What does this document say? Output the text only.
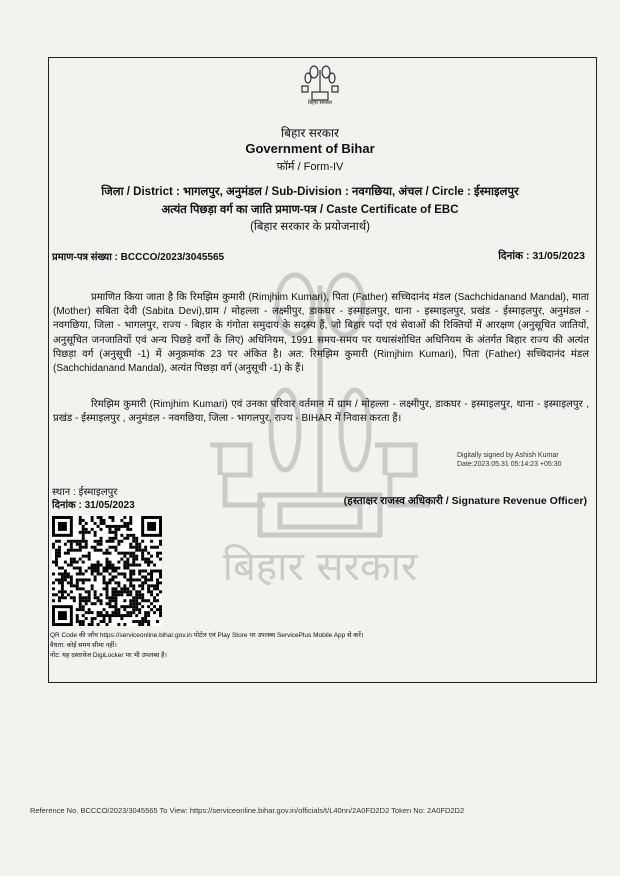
बिहार सरकार
बिहार सरकार
Government of Bihar
फॉर्म / Form-IV
जिला / District : भागलपुर, अनुमंडल / Sub-Division : नवगछिया, अंचल / Circle : ईस्माइलपुर
अत्यंत पिछड़ा वर्ग का जाति प्रमाण-पत्र / Caste Certificate of EBC
(बिहार सरकार के प्रयोजनार्थ)
प्रमाण-पत्र संख्या : BCCCO/2023/3045565	दिनांक : 31/05/2023
बिहार सरकार

प्रमाणित किया जाता है कि रिमझिम कुमारी (Rimjhim Kumari), पिता (Father) सच्चिदानंद मंडल (Sachchidanand Mandal), माता (Mother) सबिता देवी (Sabita Devi),ग्राम / मोहल्ला - लक्ष्मीपुर, डाकघर - इस्माइलपुर, थाना - इस्माइलपुर, प्रखंड - ईस्माइलपुर, अनुमंडल - नवगछिया, जिला - भागलपुर, राज्य - बिहार के गंगोता समुदाय के सदस्य हैं, जो बिहार पदों एवं सेवाओं की रिक्तियों में आरक्षण (अनुसूचित जातियों, अनुसूचित जनजातियों एवं अन्य पिछड़े वर्गों के लिए) अधिनियम, 1991 समय-समय पर यथासंशोधित अधिनियम के अंतर्गत बिहार राज्य की अत्यंत पिछड़ा वर्ग (अनुसूची -1) में अनुक्रमांक 23 पर अंकित है। अत: रिमझिम कुमारी (Rimjhim Kumari), पिता (Father) सच्चिदानंद मंडल (Sachchidanand Mandal), अत्यंत पिछड़ा वर्ग (अनुसूची -1) के हैं।

रिमझिम कुमारी (Rimjhim Kumari) एवं उनका परिवार वर्तमान में ग्राम / मोहल्ला - लक्ष्मीपुर, डाकघर - इस्माइलपुर, थाना - इस्माइलपुर , प्रखंड - ईस्माइलपुर , अनुमंडल - नवगछिया, जिला - भागलपुर, राज्य - BIHAR में निवास करता हैं।

Digitally signed by Ashish Kumar
Date:2023.05.31 05:14:23 +05:30
स्थान : ईस्माइलपुर
दिनांक : 31/05/2023	(हस्ताक्षर राजस्व अधिकारी / Signature Revenue Officer)
QR Code की जाँच https://serviceonline.bihar.gov.in पोर्टल एवं Play Store पर उपलब्ध ServicePlus Mobile App से करें।
वैधता: कोई समय सीमा नहीं।
नोट: यह दस्तावेज DigiLocker पर भी उपलब्ध है।
Reference No. BCCCO/2023/3045565 To View: https://serviceonline.bihar.gov.in/officials/t/L40nn/2A0FD2D2 Token No: 2A0FD2D2
